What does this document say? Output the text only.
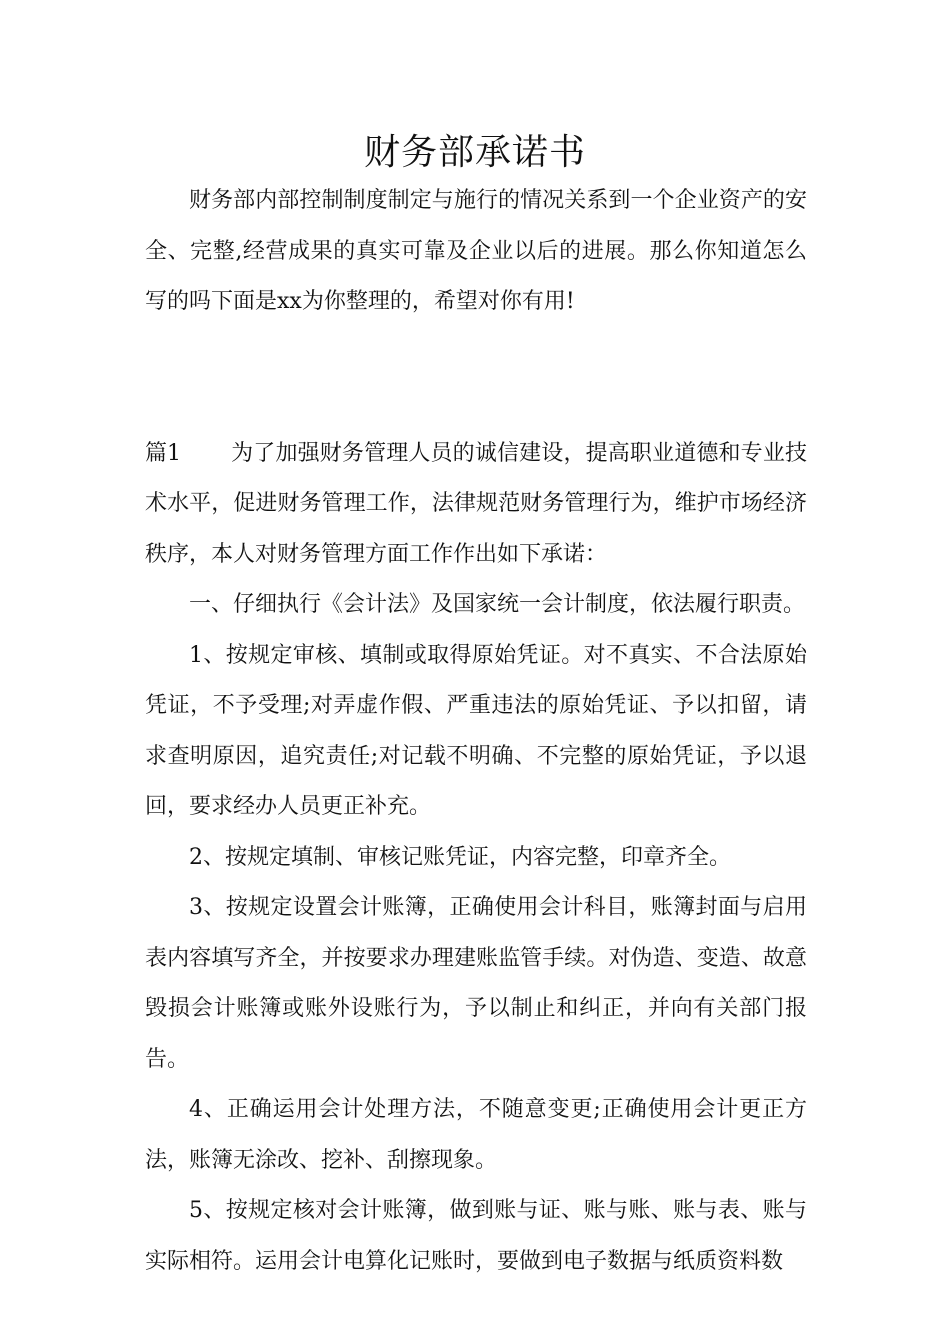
财务部承诺书

财务部内部控制制度制定与施行的情况关系到一个企业资产的安全、完整,经营成果的真实可靠及企业以后的进展。那么你知道怎么写的吗下面是xx为你整理的，希望对你有用!

篇1 为了加强财务管理人员的诚信建设，提高职业道德和专业技术水平，促进财务管理工作，法律规范财务管理行为，维护市场经济秩序，本人对财务管理方面工作作出如下承诺：

一、仔细执行《会计法》及国家统一会计制度，依法履行职责。

1、按规定审核、填制或取得原始凭证。对不真实、不合法原始凭证，不予受理;对弄虚作假、严重违法的原始凭证、予以扣留，请求查明原因，追究责任;对记载不明确、不完整的原始凭证，予以退回，要求经办人员更正补充。

2、按规定填制、审核记账凭证，内容完整，印章齐全。

3、按规定设置会计账簿，正确使用会计科目，账簿封面与启用表内容填写齐全，并按要求办理建账监管手续。对伪造、变造、故意毁损会计账簿或账外设账行为，予以制止和纠正，并向有关部门报告。

4、正确运用会计处理方法，不随意变更;正确使用会计更正方法，账簿无涂改、挖补、刮擦现象。

5、按规定核对会计账簿，做到账与证、账与账、账与表、账与实际相符。运用会计电算化记账时，要做到电子数据与纸质资料数
